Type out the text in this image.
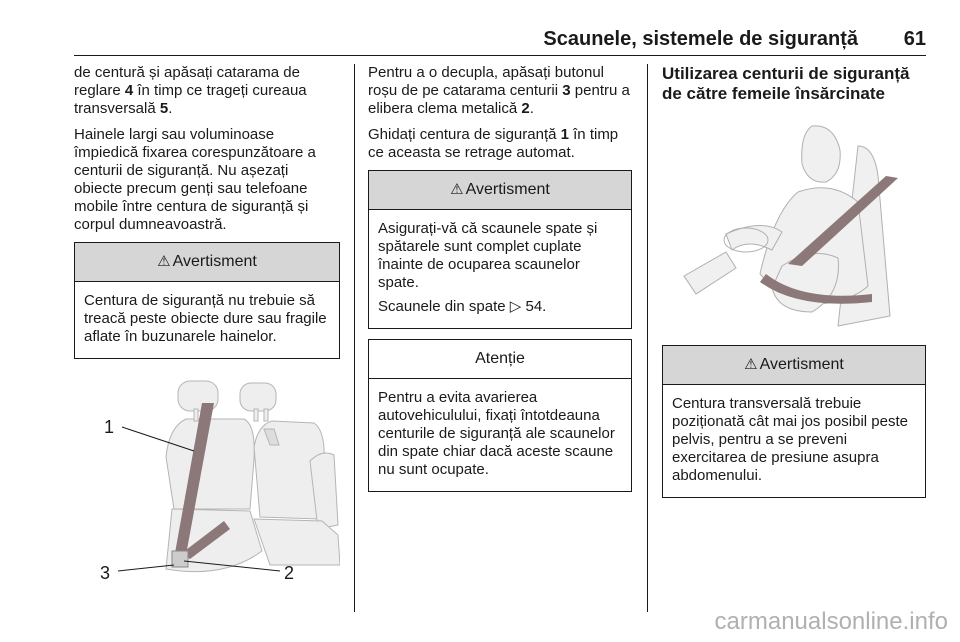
Scaunele, sistemele de siguranță 61

de centură și apăsați catarama de reglare 4 în timp ce trageți cureaua transversală 5.

Hainele largi sau voluminoase împiedică fixarea corespunzătoare a centurii de siguranță. Nu așezați obiecte precum genți sau telefoane mobile între centura de siguranță și corpul dumneavoastră.

⚠ Avertisment

Centura de siguranță nu trebuie să treacă peste obiecte dure sau fragile aflate în buzunarele hainelor.

1
3	2

Pentru a o decupla, apăsați butonul roșu de pe catarama centurii 3 pentru a elibera clema metalică 2.

Ghidați centura de siguranță 1 în timp ce aceasta se retrage automat.

⚠ Avertisment

Asigurați-vă că scaunele spate și spătarele sunt complet cuplate înainte de ocuparea scaunelor spate.

Scaunele din spate ▷ 54.

Atenție

Pentru a evita avarierea autovehiculului, fixați întotdeauna centurile de siguranță ale scaunelor din spate chiar dacă aceste scaune nu sunt ocupate.

Utilizarea centurii de siguranță de către femeile însărcinate
⚠ Avertisment

Centura transversală trebuie poziționată cât mai jos posibil peste pelvis, pentru a se preveni exercitarea de presiune asupra abdomenului.

carmanualsonline.info
